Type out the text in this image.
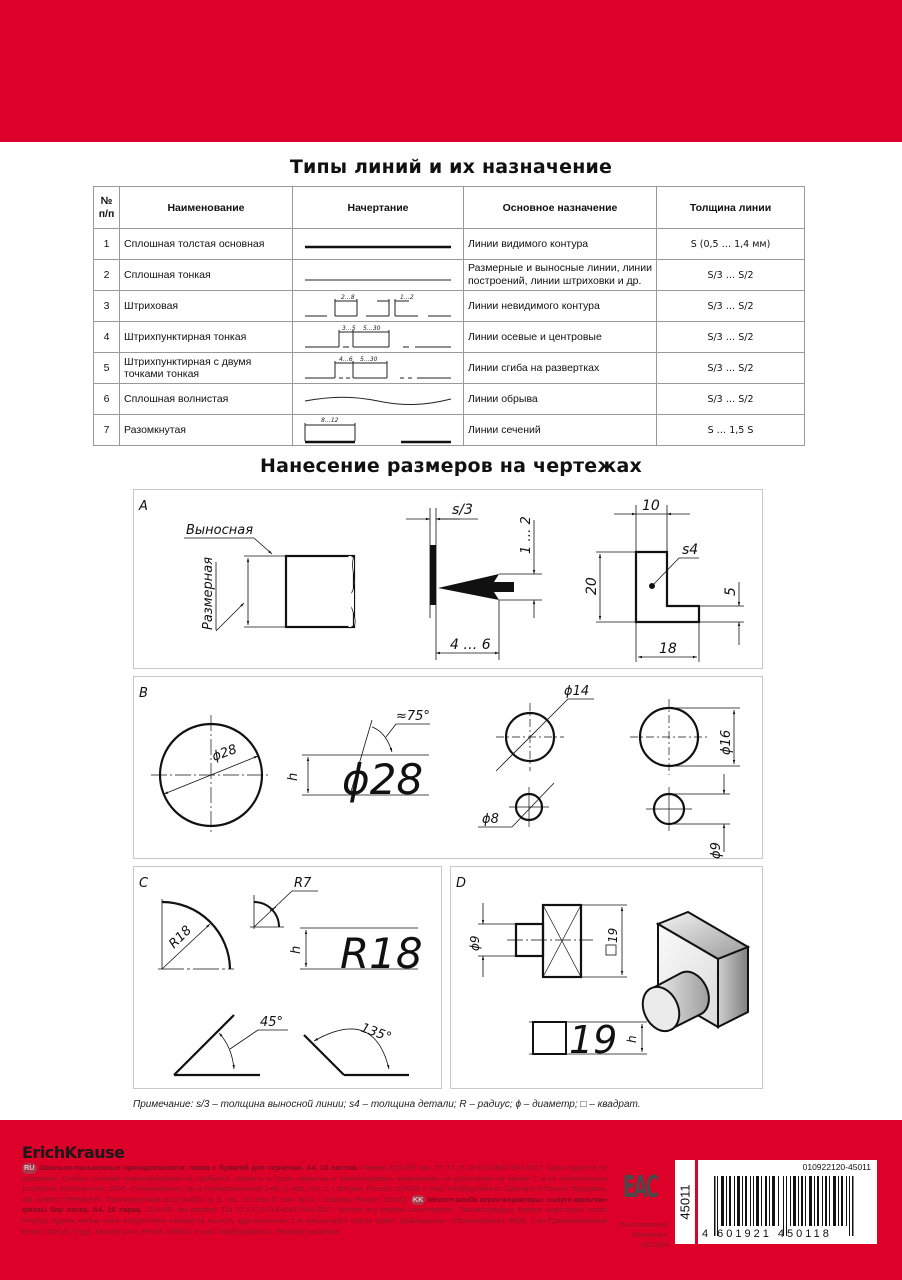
Типы линий и их назначение
№
п/п	Наименование	Начертание	Основное назначение	Толщина линии
1	Сплошная толстая основная		Линии видимого контура	S (0,5 … 1,4 мм)
2	Сплошная тонкая		Размерные и выносные линии, линии построений, линии штриховки и др.	S/3 … S/2
3	Штриховая	2…8 1…2	Линии невидимого контура	S/3 … S/2
4	Штрихпунктирная тонкая	3…5 5…30	Линии осевые и центровые	S/3 … S/2
5	Штрихпунктирная с двумя точками тонкая	4…6 5…30	Линии сгиба на развертках	S/3 … S/2
6	Сплошная волнистая		Линии обрыва	S/3 … S/2
7	Разомкнутая	8…12	Линии сечений	S … 1,5 S
Нанесение размеров на чертежах
A
Выносная
Размерная
s/3
1 … 2
4 … 6
10
20
18
5
s4
B
ϕ28
h ϕ28
≈75°
ϕ14
ϕ8
ϕ16
ϕ9
C
R18
R7
h R18
45°	135°
D
ϕ9
19
19 h
Примечание: s/3 – толщина выносной линии; s4 – толщина детали; R – радиус; ϕ – диаметр; □ – квадрат.
ErichKrause
RU Школьно-письменные принадлежности: папка с бумагой для черчения. А4, 10 листов. Размер 210×297 мм. ТУ 17.23.13-013-46417544-2017. Срок годности не ограничен. Особых условий транспортировки не требуется. Хранить в сухих закрытых и вентилируемых помещениях на расстоянии не менее 1 м от отопительных устройств. Изготовитель: ООО «Полиграфика», пр-д Грайвороновский 2-ой, д. 40а, стр. 5, г. Москва, Россия, 109518, e-mail: info@pgrafika.ru. Сделано в России. Продавец: АО «ОФИС ПРЕМЬЕР», Проектируемый пр-д №4062, д. 6, стр. 16, этаж 2, пом. №7А, г. Москва, Россия, 115432. KK Мектеп-жазба керек-жарақтары: сызуға арналған қағазы бар папка. А4, 10 парақ. 210×297 мм өлшемі. ТШ 17.23.13-013-46417544-2017. Қызмет ету мерзімі шектелмеген. Тасымалдаудың ерекше шарттарын талап етпейді. Құрғақ жабық және желдетілетін ғимаратта жылыту құрылғысынан 1 м қашықтықта сақтау қажет. Дайындаушы: «Полиграфика» ЖШҚ, 2-ші Грайвороновский өтпесі, 40а үй, 5-құр., Мәскеу қ-сы, Ресей, 109518, e-mail: info@pgrafika.ru. Ресейде жасалған.
EAC
Изготовлено/ Жасалған: 04.2024
45011
010922120-45011
4 601921 450118
